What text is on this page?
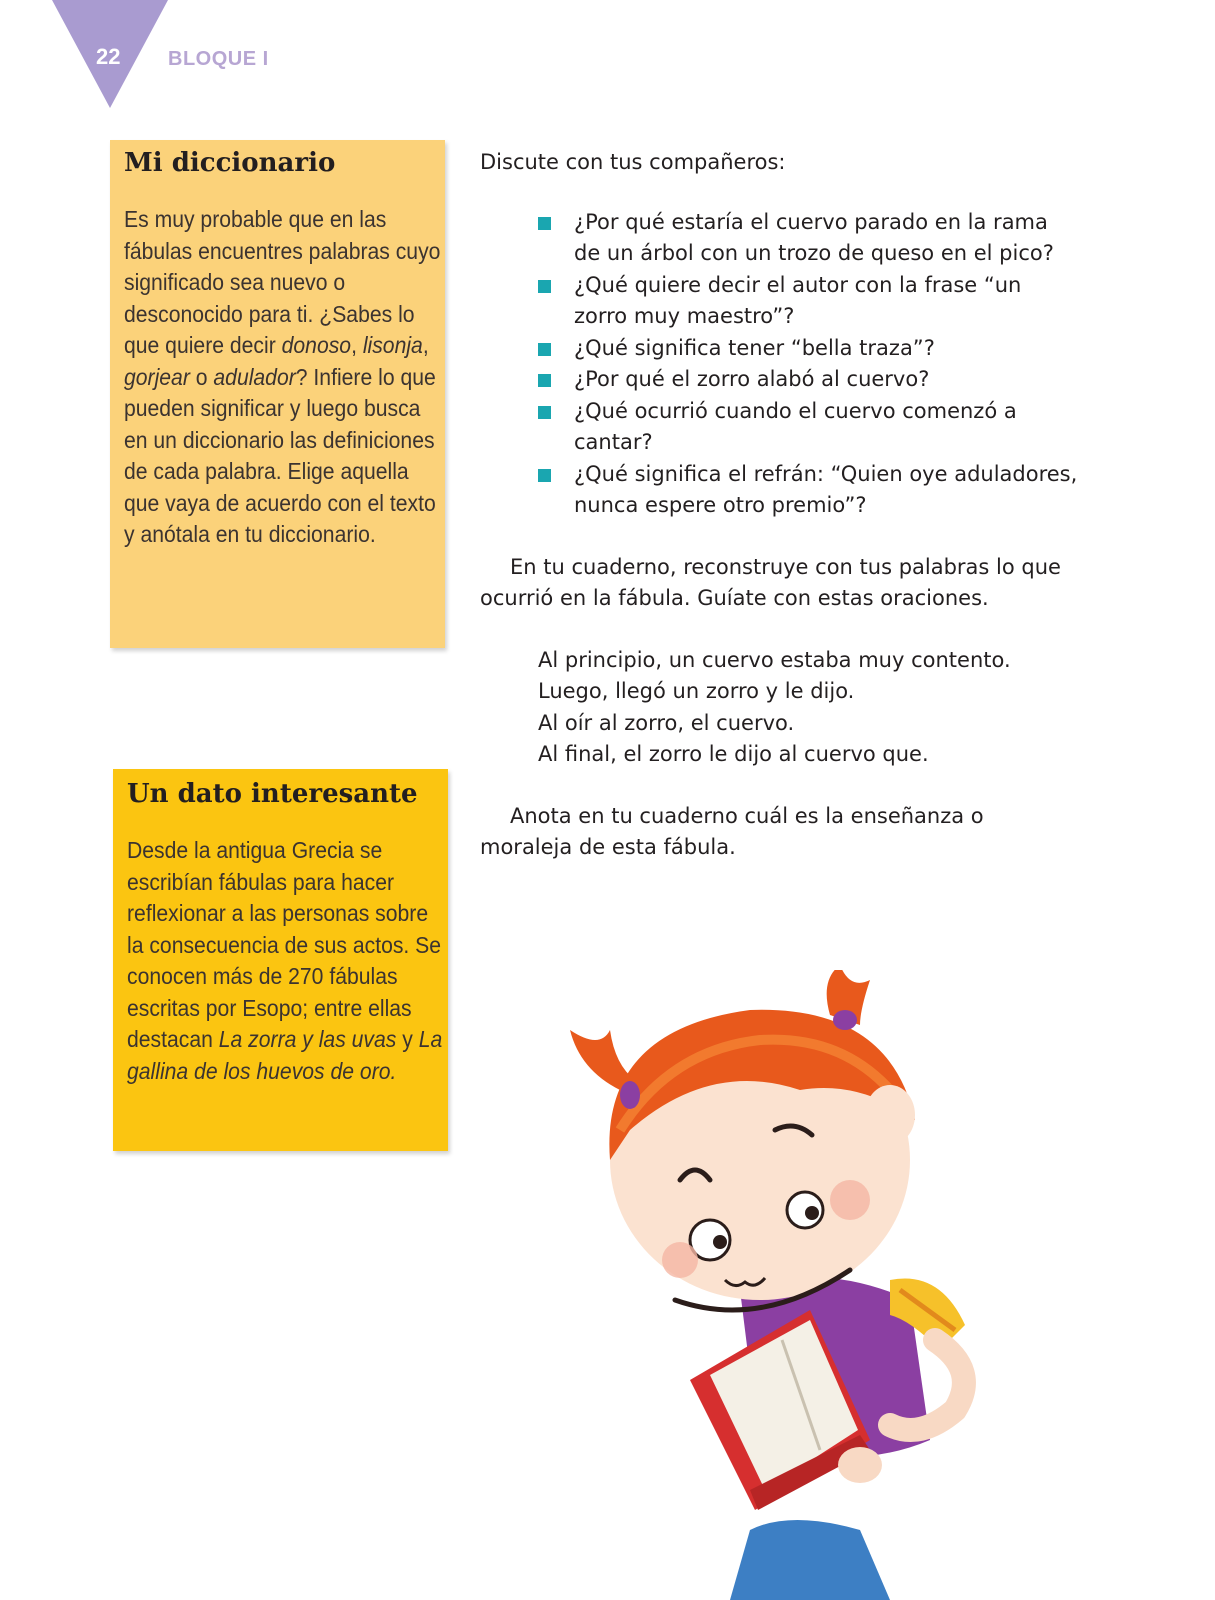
22 BLOQUE I
Mi diccionario

Es muy probable que en las fábulas encuentres palabras cuyo significado sea nuevo o desconocido para ti. ¿Sabes lo que quiere decir donoso, lisonja, gorjear o adulador? Infiere lo que pueden significar y luego busca en un diccionario las definiciones de cada palabra. Elige aquella que vaya de acuerdo con el texto y anótala en tu diccionario.

Un dato interesante

Desde la antigua Grecia se escribían fábulas para hacer reflexionar a las personas sobre la consecuencia de sus actos. Se conocen más de 270 fábulas escritas por Esopo; entre ellas destacan La zorra y las uvas y La gallina de los huevos de oro.

Discute con tus compañeros:

¿Por qué estaría el cuervo parado en la rama de un árbol con un trozo de queso en el pico?
¿Qué quiere decir el autor con la frase “un zorro muy maestro”?
¿Qué significa tener “bella traza”?
¿Por qué el zorro alabó al cuervo?
¿Qué ocurrió cuando el cuervo comenzó a cantar?
¿Qué significa el refrán: “Quien oye aduladores, nunca espere otro premio”?

En tu cuaderno, reconstruye con tus palabras lo que ocurrió en la fábula. Guíate con estas oraciones.

Al principio, un cuervo estaba muy contento.

Luego, llegó un zorro y le dijo.

Al oír al zorro, el cuervo.

Al final, el zorro le dijo al cuervo que.

Anota en tu cuaderno cuál es la enseñanza o moraleja de esta fábula.
